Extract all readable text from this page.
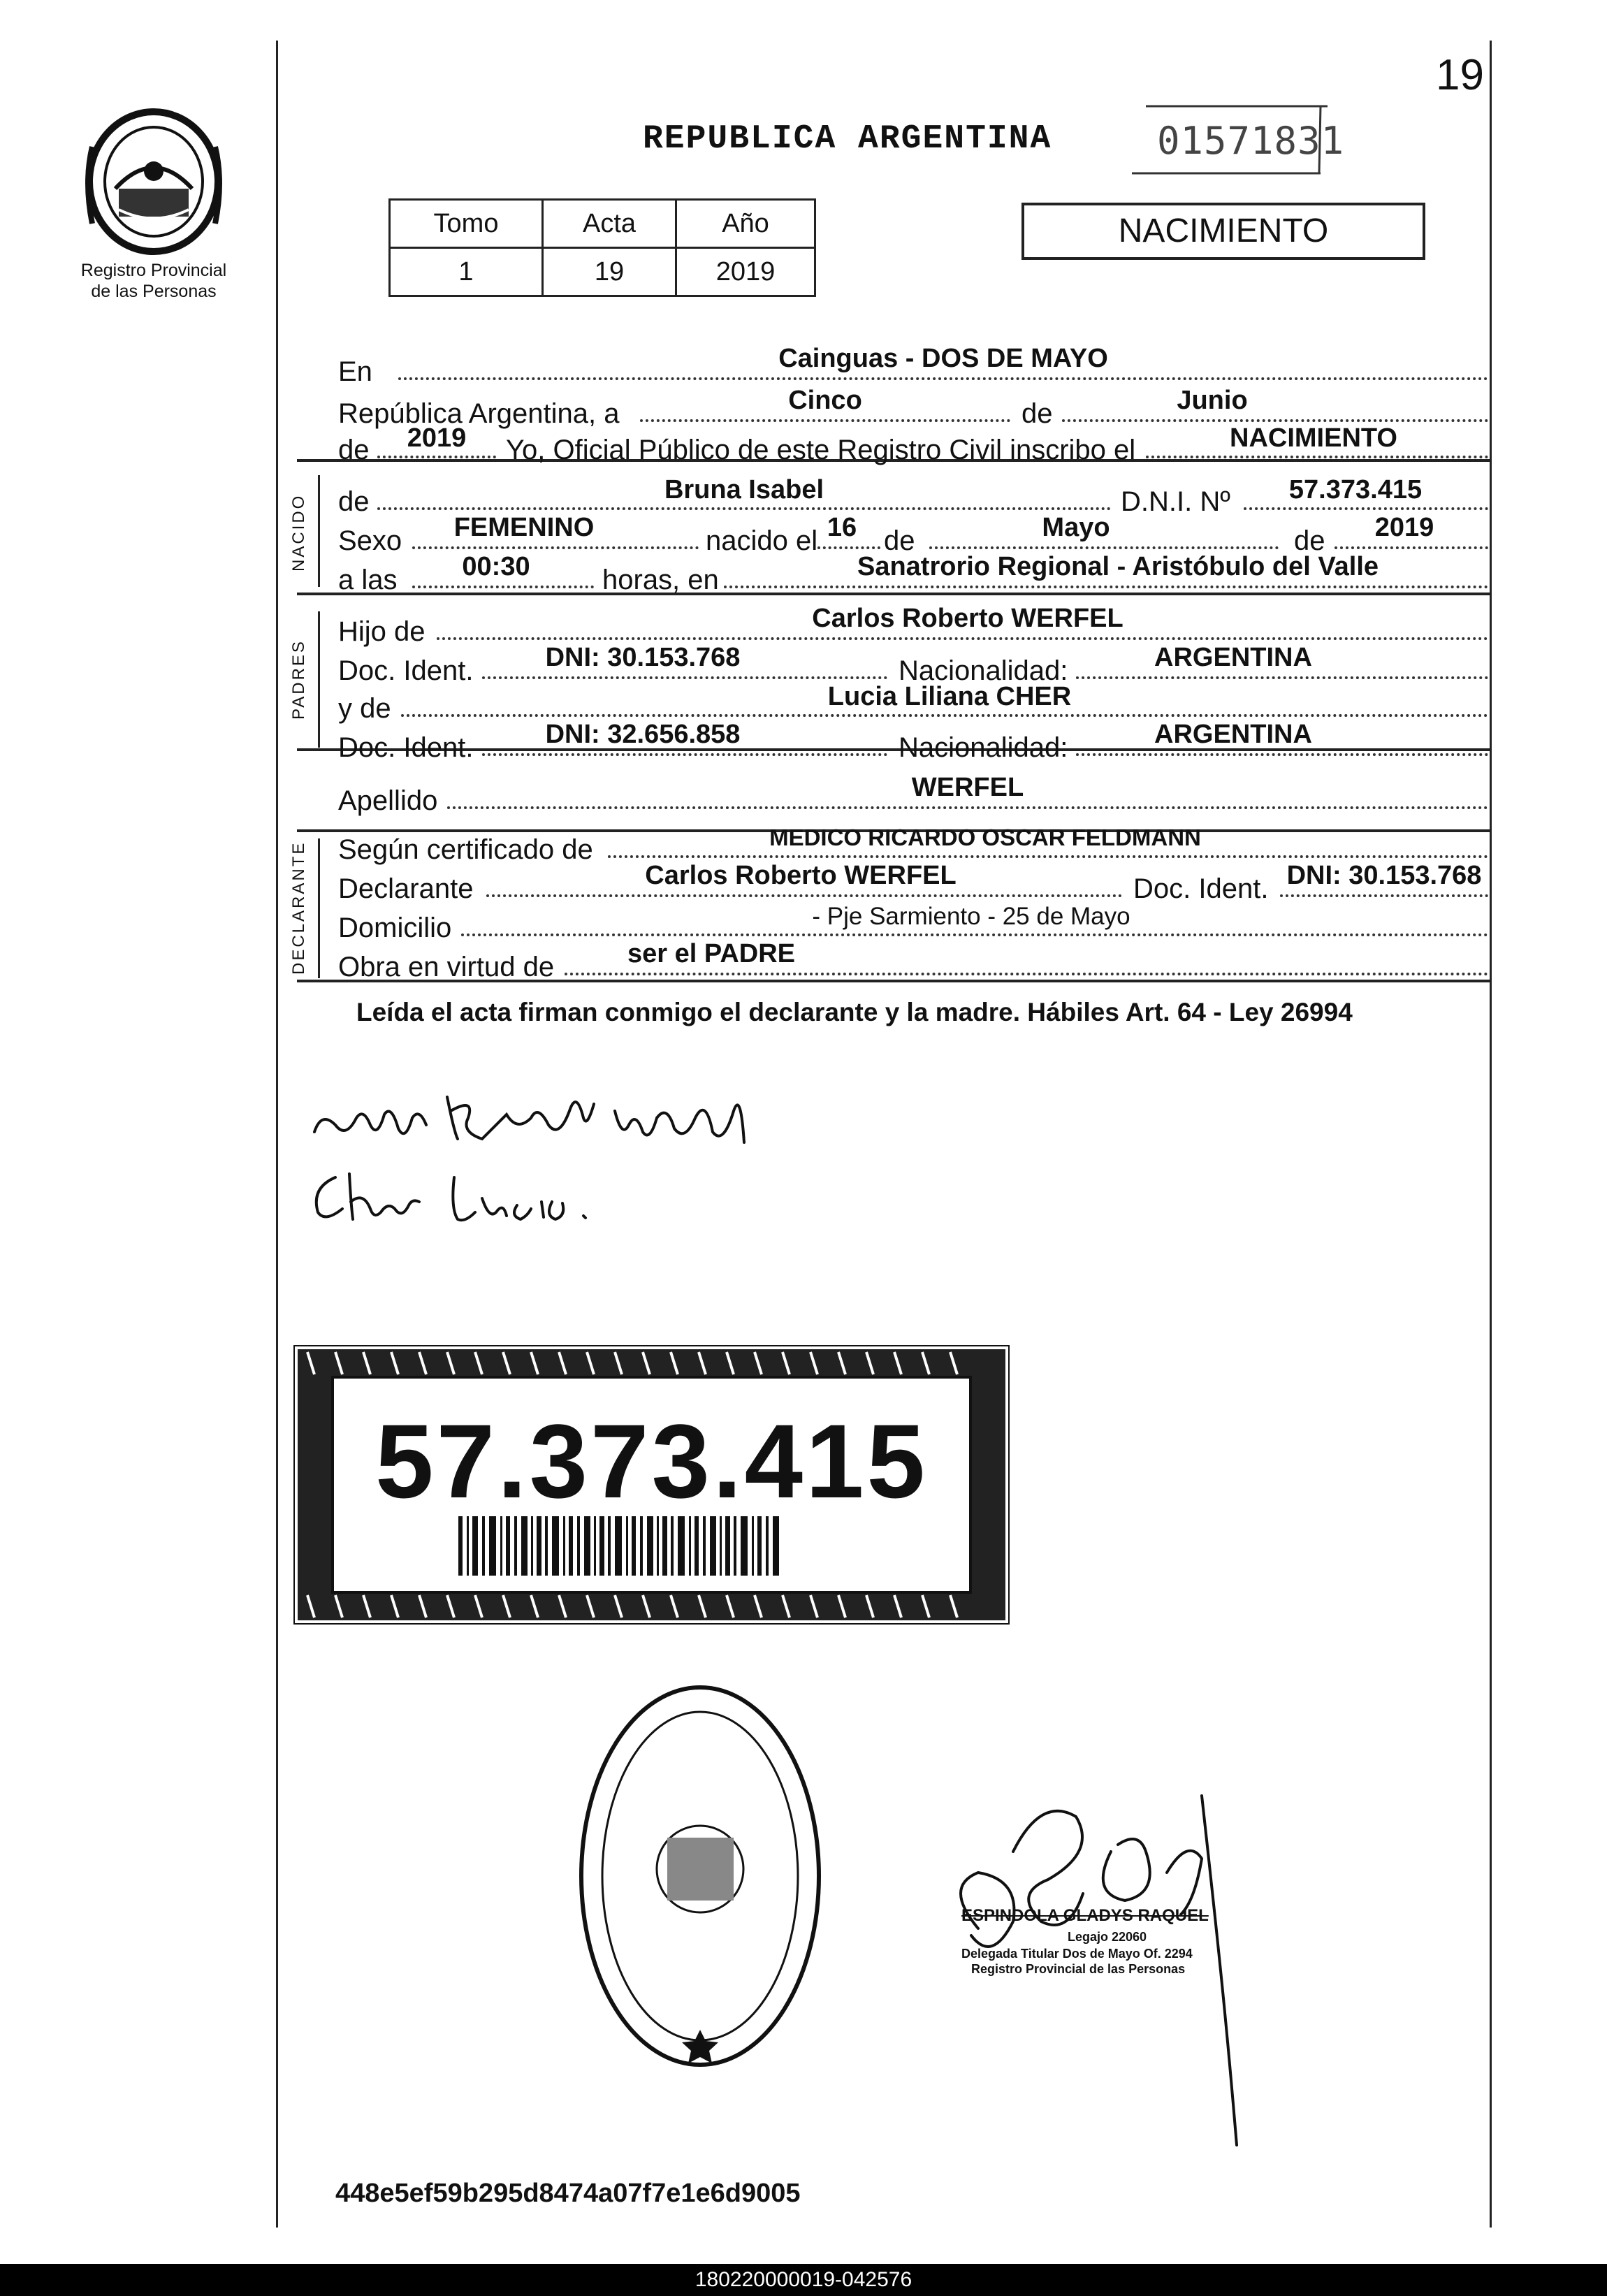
19
Registro Provincial
de las Personas
REPUBLICA ARGENTINA	01571831
Tomo	Acta	Año
1	19	2019
NACIMIENTO
NACIDO
PADRES
DECLARANTE
En	Cainguas - DOS DE MAYO
República Argentina, a	Cinco	de	Junio
de	2019	Yo, Oficial Público de este Registro Civil inscribo el	NACIMIENTO
de	Bruna Isabel	D.N.I. Nº	57.373.415
Sexo	FEMENINO	nacido el 16 de	Mayo	de	2019
a las	00:30	horas, en	Sanatrorio Regional - Aristóbulo del Valle
Hijo de	Carlos Roberto WERFEL
Doc. Ident.	DNI: 30.153.768	Nacionalidad:	ARGENTINA
y de	Lucia Liliana CHER
Doc. Ident.	DNI: 32.656.858	Nacionalidad:	ARGENTINA
Apellido	WERFEL
Según certificado de	MEDICO RICARDO OSCAR FELDMANN
Declarante	Carlos Roberto WERFEL	Doc. Ident. DNI: 30.153.768
Domicilio	- Pje Sarmiento - 25 de Mayo
Obra en virtud de	ser el PADRE
Leída el acta firman conmigo el declarante y la madre. Hábiles Art. 64 - Ley 26994
57.373.415
ESPINDOLA GLADYS RAQUEL
Legajo 22060
Delegada Titular Dos de Mayo Of. 2294
Registro Provincial de las Personas
448e5ef59b295d8474a07f7e1e6d9005
180220000019-042576
